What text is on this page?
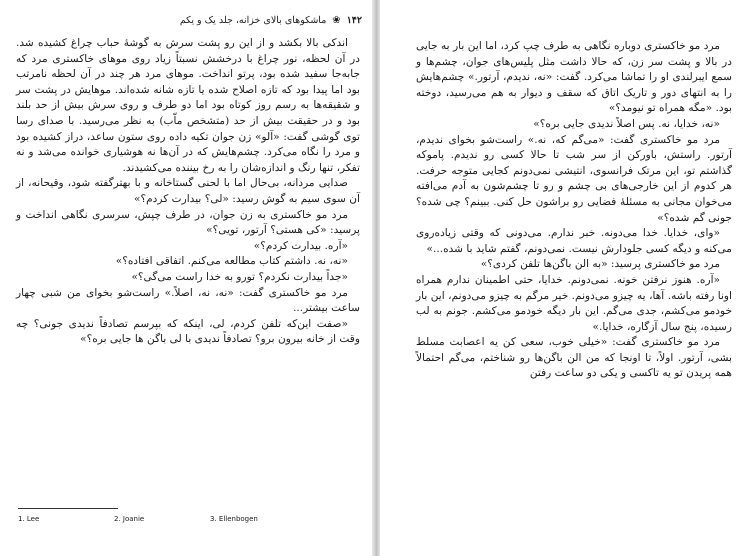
۱۴۲
❀
ماشکوهای بالای خزانه، جلد یک و یکم

اندکی بالا بکشد و از این رو پشت سرش به گوشهٔ حباب چراغ کشیده شد. در آن لحظه، نور چراغ با درخشش نسبتاً زیاد روی موهای خاکستری مرد که جابه‌جا سفید شده بود، پرتو انداخت. موهای مرد هر چند در آن لحظه نامرتب بود اما پیدا بود که تازه اصلاح شده یا تازه شانه شده‌اند. موهایش در پشت سر و شقیقه‌ها به رسم روز کوتاه بود اما دو طرف و روی سرش بیش از حد بلند بود و در حقیقت بیش از حد (متشخص ماّب) به نظر می‌رسید. با صدای رسا توی گوشی گفت: «آلو» زن جوان تکیه داده روی ستون ساعد، دراز کشیده بود و مرد را نگاه می‌کرد. چشم‌هایش که در آن‌ها نه هوشیاری خوانده می‌شد و نه تفکر، تنها رنگ و اندازه‌شان را به رخ بیننده می‌کشیدند.

صدایی مردانه، بی‌حال اما با لحنی گستاخانه و با بهترگفته شود، وقیحانه، از آن سوی سیم به گوش رسید: «لی؟ بیدارت کردم؟»

مرد مو خاکستری به زن جوان، در طرف چپش، سرسری نگاهی انداخت و پرسید: «کی هستی؟ آرتور، تویی؟»

«آره. بیدارت کردم؟»

«نه، نه. داشتم کتاب مطالعه می‌کنم. اتفاقی افتاده؟»

«جداً بیدارت نکردم؟ تورو به خدا راست می‌گی؟»

مرد مو خاکستری گفت: «نه، نه، اصلاً.» راست‌شو بخوای من شبی چهار ساعت بیشتر...

«صفت این‌که تلفن کردم، لی، اینکه که بپرسم تصادفاً ندیدی جونی؟ چه وقت از خانه بیرون برو؟ تصادفاً ندیدی با لی باگن ها جایی بره؟»

1. Lee	2. Joanie	3. Ellenbogen

مرد مو خاکستری دوباره نگاهی به طرف چپ کرد، اما این بار به جایی در بالا و پشت سر زن، که حالا داشت مثل پلیس‌های جوان، چشم‌ها و سمع ایبرلندی او را تماشا می‌کرد. گفت: «نه، ندیدم، آرتور.» چشم‌هایش را به انتهای دور و تاریک اتاق که سقف و دیوار به هم می‌رسید، دوخته بود. «مگه همراه تو نیومد؟»

«نه، خدایا، نه. پس اصلاً ندیدی جایی بره؟»

مرد مو خاکستری گفت: «می‌گم که، نه.» راست‌شو بخوای ندیدم، آرتور. راستش، باورکن از سر شب تا حالا کسی رو ندیدم. پاموکه گذاشتم تو، این مرتک فرانسوی، انتیشی نمی‌دونم کجایی متوجه حرفت. هر کدوم از این خارجی‌های بی چشم و رو تا چشم‌شون به آدم می‌افته می‌خوان مجانی به مسئلهٔ فضایی رو براشون حل کنی. ببینم؟ چی شده؟ جونی گم شده؟»

«وای، خدایا. خدا می‌دونه. خبر ندارم. می‌دونی که وقتی زیاده‌روی می‌کنه و دیگه کسی جلودارش نیست. نمی‌دونم، گفتم شاید با شده...»

مرد مو خاکستری پرسید: «به الن باگن‌ها تلفن کردی؟»

«آره. هنوز نرفتن خونه. نمی‌دونم. خدایا، حتی اطمینان ندارم همراه اونا رفته باشه. آها، یه چیزو می‌دونم. خیر مرگم به چیزو می‌دونم، این بار خودمو می‌کشم، جدی می‌گم. این بار دیگه خودمو می‌کشم. جونم به لب رسیده، پنج سال آزگاره، خدایا.»

مرد مو خاکستری گفت: «خیلی خوب، سعی کن یه اعصابت مسلط بشی، آرتور. اولاً، تا اونجا که من الن باگن‌ها رو شناختم، می‌گم احتمالاً همه پریدن تو یه تاکسی و یکی دو ساعت رفتن
